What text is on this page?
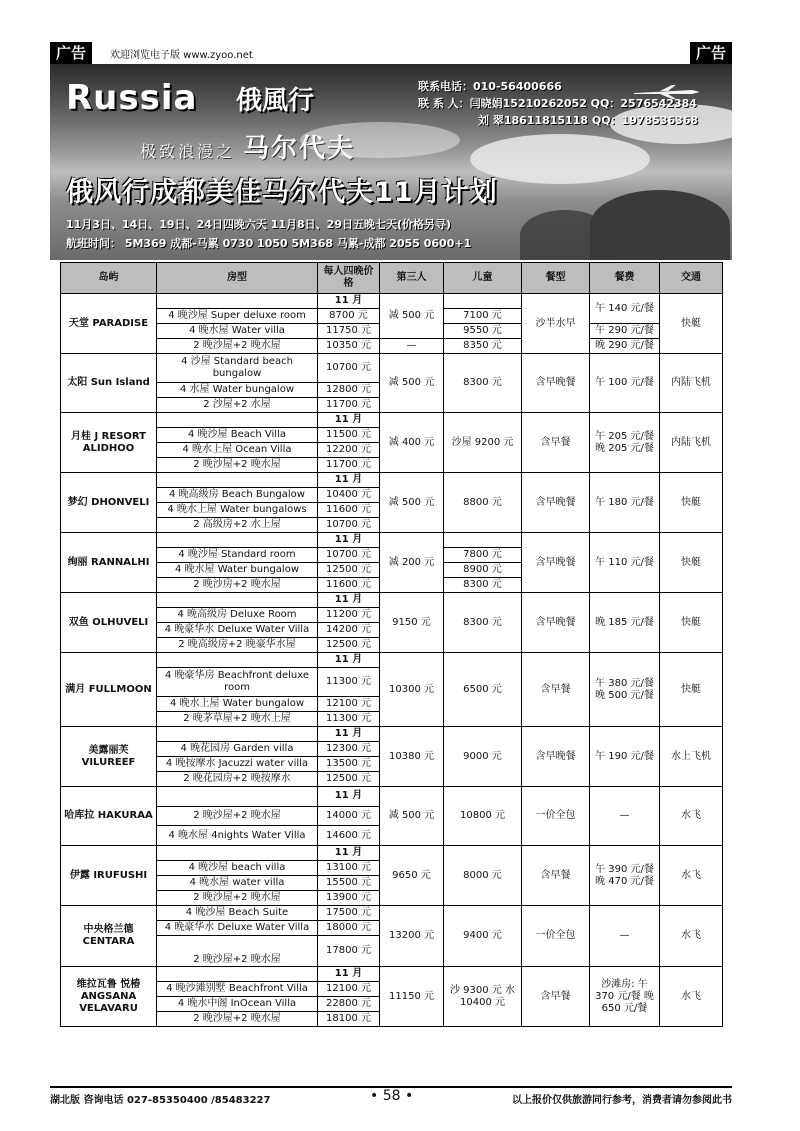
广告	欢迎浏览电子版 www.zyoo.net	广告
Russia 俄風行	联系电话：010-56400666
联 系 人：闫晓娟15210262052 QQ：2576542384
刘 翠18611815118 QQ：1978536368
极致浪漫之 马尔代夫
俄风行成都美佳马尔代夫11月计划
11月3日、14日、19日、24日四晚六天 11月8日、29日五晚七天(价格另寻)
航班时间： 5M369 成都-马累 0730 1050 5M368 马累-成都 2055 0600+1
岛屿	房型	每人四晚价格	第三人	儿童	餐型	餐费	交通
天堂 PARADISE		11 月	减 500 元		沙半水早	午 140 元/餐	快艇
	4 晚沙屋 Super deluxe room	8700 元		7100 元			
	4 晚水屋 Water villa	11750 元		9550 元		午 290 元/餐	
	2 晚沙屋+2 晚水屋	10350 元	—	8350 元		晚 290 元/餐	
太阳 Sun Island	4 沙屋 Standard beach bungalow	10700 元	减 500 元	8300 元	含早晚餐	午 100 元/餐	内陆飞机
	4 水屋 Water bungalow	12800 元					
	2 沙屋+2 水屋	11700 元					
月桂 J RESORT ALIDHOO		11 月	减 400 元	沙屋 9200 元	含早餐	午 205 元/餐 晚 205 元/餐	内陆飞机
	4 晚沙屋 Beach Villa	11500 元					
	4 晚水上屋 Ocean Villa	12200 元					
	2 晚沙屋+2 晚水屋	11700 元					
梦幻 DHONVELI		11 月	减 500 元	8800 元	含早晚餐	午 180 元/餐	快艇
	4 晚高级房 Beach Bungalow	10400 元					
	4 晚水上屋 Water bungalows	11600 元					
	2 高级房+2 水上屋	10700 元					
绚丽 RANNALHI		11 月	减 200 元		含早晚餐	午 110 元/餐	快艇
	4 晚沙屋 Standard room	10700 元		7800 元			
	4 晚水屋 Water bungalow	12500 元		8900 元			
	2 晚沙房+2 晚水屋	11600 元		8300 元			
双鱼 OLHUVELI		11 月	9150 元	8300 元	含早晚餐	晚 185 元/餐	快艇
	4 晚高级房 Deluxe Room	11200 元					
	4 晚豪华水 Deluxe Water Villa	14200 元					
	2 晚高级房+2 晚豪华水屋	12500 元					
满月 FULLMOON		11 月	10300 元	6500 元	含早餐	午 380 元/餐 晚 500 元/餐	快艇
	4 晚豪华房 Beachfront deluxe room	11300 元					
	4 晚水上屋 Water bungalow	12100 元					
	2 晚茅草屋+2 晚水上屋	11300 元					
美露丽芙 VILUREEF		11 月	10380 元	9000 元	含早晚餐	午 190 元/餐	水上飞机
	4 晚花园房 Garden villa	12300 元					
	4 晚按摩水 Jacuzzi water villa	13500 元					
	2 晚花园房+2 晚按摩水	12500 元					
哈库拉 HAKURAA		11 月	减 500 元	10800 元	一价全包	—	水飞
	2 晚沙屋+2 晚水屋	14000 元					
	4 晚水屋 4nights Water Villa	14600 元					
伊露 IRUFUSHI		11 月	9650 元	8000 元	含早餐	午 390 元/餐 晚 470 元/餐	水飞
	4 晚沙屋 beach villa	13100 元					
	4 晚水屋 water villa	15500 元					
	2 晚沙屋+2 晚水屋	13900 元					
中央格兰德 CENTARA	4 晚沙屋 Beach Suite	17500 元	13200 元	9400 元	一价全包	—	水飞
	4 晚豪华水 Deluxe Water Villa	18000 元					
	2 晚沙屋+2 晚水屋	17800 元					
维拉瓦鲁 悦椿 ANGSANA VELAVARU		11 月	11150 元	沙 9300 元 水 10400 元	含早餐	沙滩房: 午 370 元/餐 晚 650 元/餐	水飞
	4 晚沙滩别墅 Beachfront Villa	12100 元					
	4 晚水中阁 InOcean Villa	22800 元					
	2 晚沙屋+2 晚水屋	18100 元					
湖北版 咨询电话 027-85350400 /85483227	• 58 •	以上报价仅供旅游同行参考，消费者请勿参阅此书
